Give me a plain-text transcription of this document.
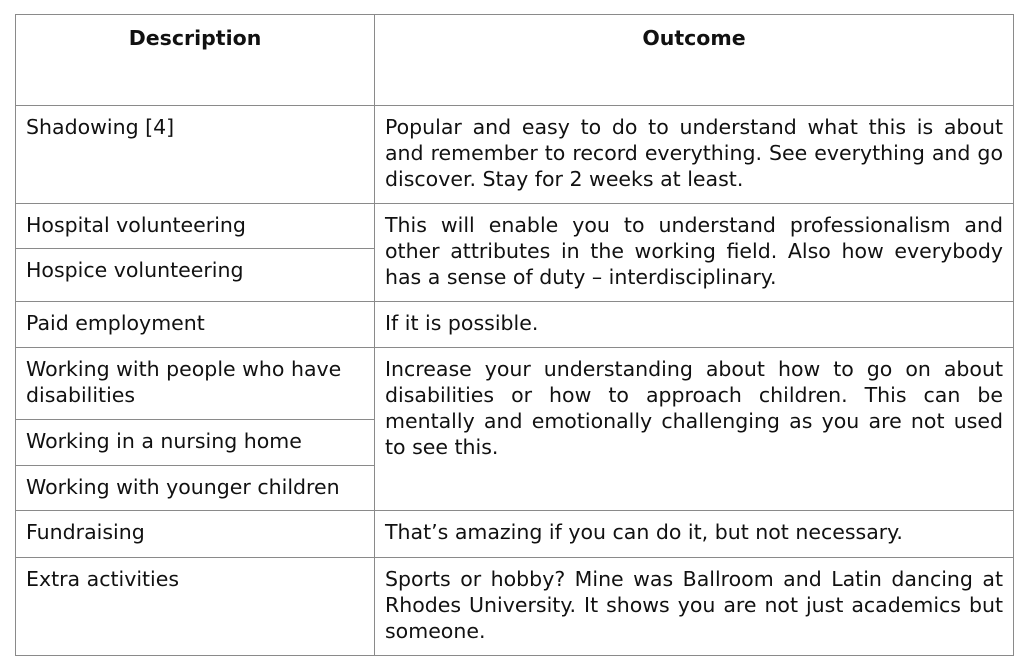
Description	Outcome

Shadowing [4]	Popular and easy to do to understand what this is about and remember to record everything. See everything and go discover. Stay for 2 weeks at least.

Hospital volunteering	This will enable you to understand professionalism and other attributes in the working field. Also how everybody has a sense of duty – interdisciplinary.

Hospice volunteering	

Paid employment	If it is possible.

Working with people who have disabilities	Increase your understanding about how to go on about disabilities or how to approach children. This can be mentally and emotionally challenging as you are not used to see this.

Working in a nursing home	

Working with younger children	

Fundraising	That’s amazing if you can do it, but not necessary.

Extra activities	Sports or hobby? Mine was Ballroom and Latin dancing at Rhodes University. It shows you are not just academics but someone.
